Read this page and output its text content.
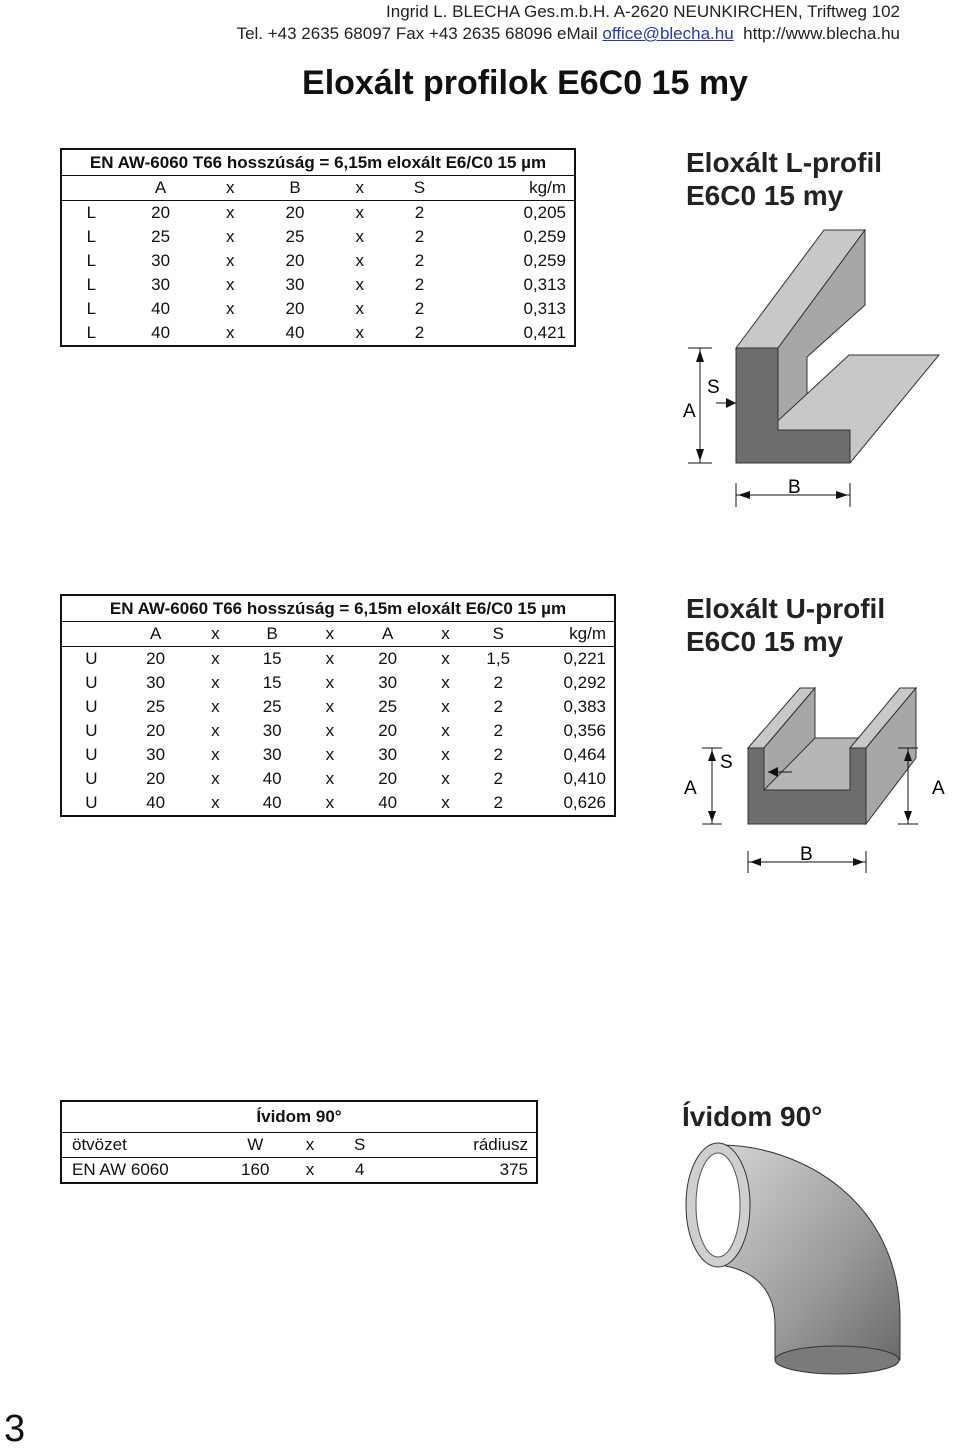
Ingrid L. BLECHA Ges.m.b.H. A-2620 NEUNKIRCHEN, Triftweg 102
Tel. +43 2635 68097 Fax +43 2635 68096 eMail office@blecha.hu http://www.blecha.hu
Eloxált profilok E6C0 15 my
EN AW-6060 T66 hosszúság = 6,15m eloxált E6/C0 15 µm						
	A	x	B	x	S	kg/m
L	20	x	20	x	2	0,205
L	25	x	25	x	2	0,259
L	30	x	20	x	2	0,259
L	30	x	30	x	2	0,313
L	40	x	20	x	2	0,313
L	40	x	40	x	2	0,421
Eloxált L-profil
E6C0 15 my
A
S
B
EN AW-6060 T66 hosszúság = 6,15m eloxált E6/C0 15 µm								
	A	x	B	x	A	x	S	kg/m
U	20	x	15	x	20	x	1,5	0,221
U	30	x	15	x	30	x	2	0,292
U	25	x	25	x	25	x	2	0,383
U	20	x	30	x	20	x	2	0,356
U	30	x	30	x	30	x	2	0,464
U	20	x	40	x	20	x	2	0,410
U	40	x	40	x	40	x	2	0,626
Eloxált U-profil
E6C0 15 my
A
S
A
B
Ívidom 90°				
ötvözet	W	x	S	rádiusz
EN AW 6060	160	x	4	375
Ívidom 90°
3
